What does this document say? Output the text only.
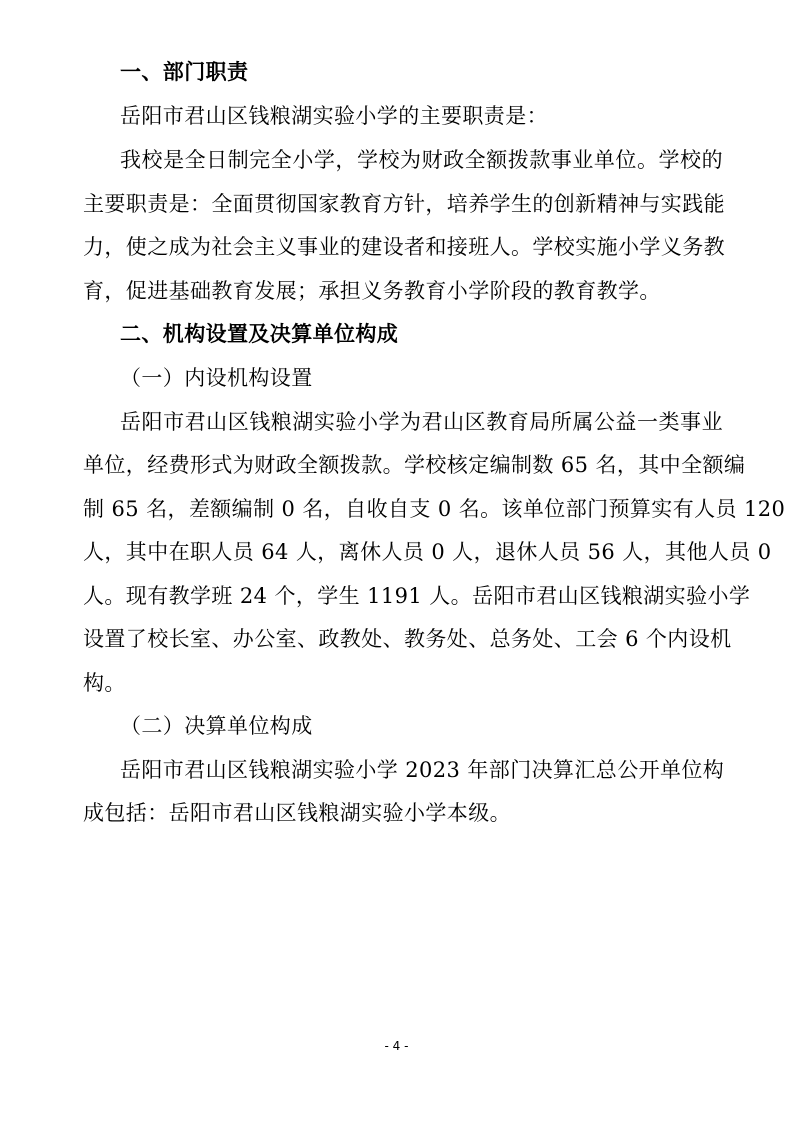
一、部门职责
岳阳市君山区钱粮湖实验小学的主要职责是：
我校是全日制完全小学，学校为财政全额拨款事业单位。学校的
主要职责是：全面贯彻国家教育方针，培养学生的创新精神与实践能
力，使之成为社会主义事业的建设者和接班人。学校实施小学义务教
育，促进基础教育发展；承担义务教育小学阶段的教育教学。
二、机构设置及决算单位构成
（一）内设机构设置
岳阳市君山区钱粮湖实验小学为君山区教育局所属公益一类事业
单位，经费形式为财政全额拨款。学校核定编制数 65 名，其中全额编
制 65 名，差额编制 0 名，自收自支 0 名。该单位部门预算实有人员 120
人，其中在职人员 64 人，离休人员 0 人，退休人员 56 人，其他人员 0
人。现有教学班 24 个，学生 1191 人。岳阳市君山区钱粮湖实验小学
设置了校长室、办公室、政教处、教务处、总务处、工会 6 个内设机
构。
（二）决算单位构成
岳阳市君山区钱粮湖实验小学 2023 年部门决算汇总公开单位构
成包括：岳阳市君山区钱粮湖实验小学本级。
- 4 -
